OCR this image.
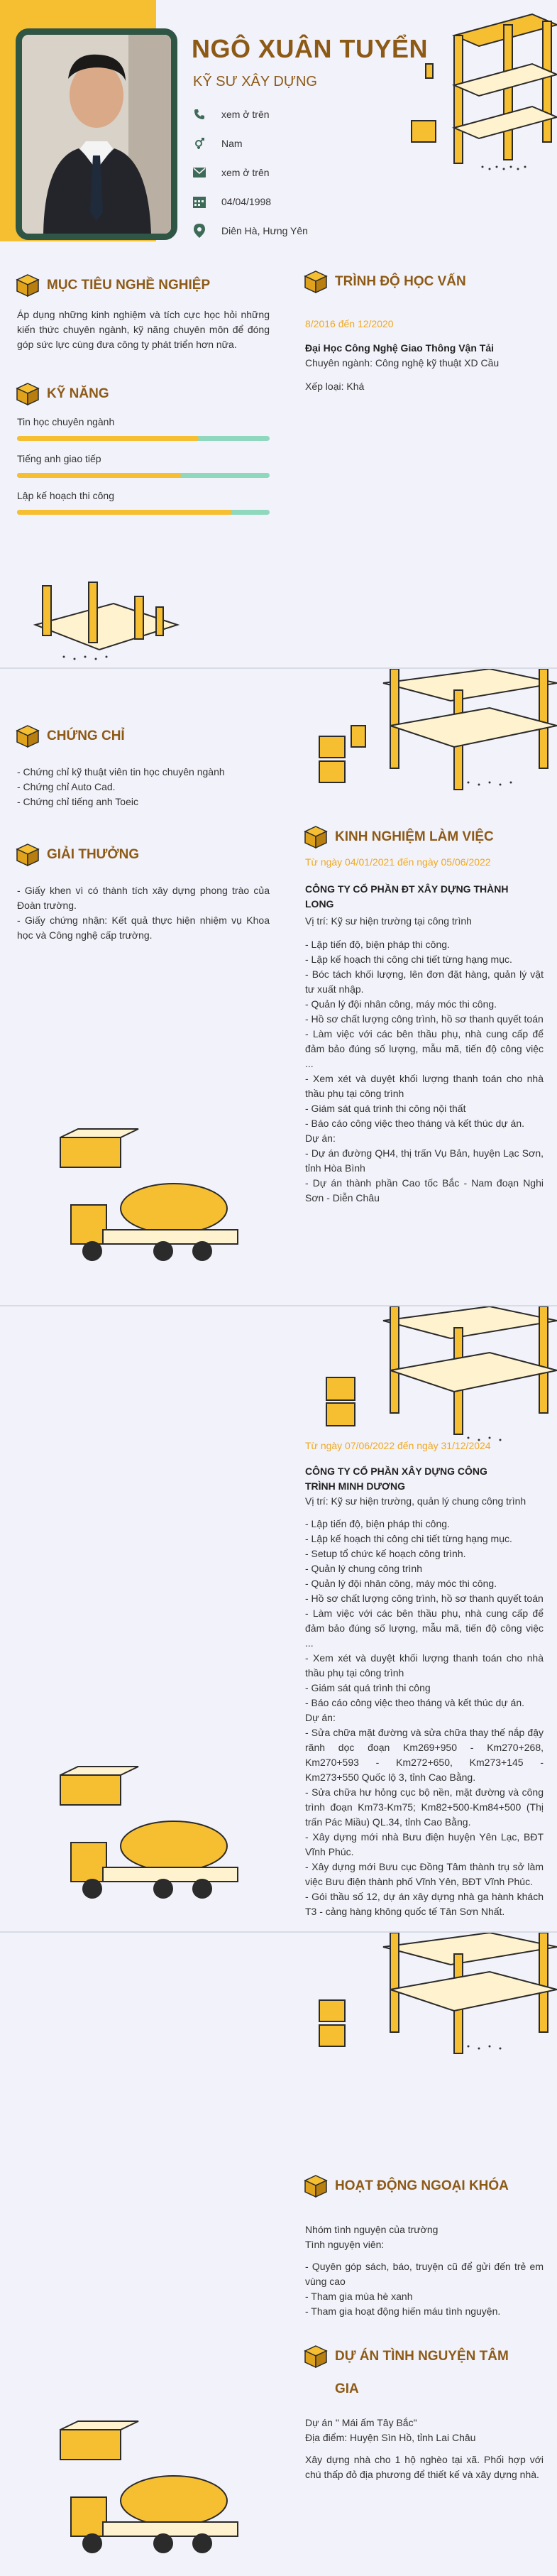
NGÔ XUÂN TUYỂN
KỸ SƯ XÂY DỰNG
xem ở trên
Nam
xem ở trên
04/04/1998
Diên Hà, Hưng Yên
MỤC TIÊU NGHỀ NGHIỆP
Áp dụng những kinh nghiệm và tích cực học hỏi những kiến thức chuyên ngành, kỹ năng chuyên môn để đóng góp sức lực cùng đưa công ty phát triển hơn nữa.
TRÌNH ĐỘ HỌC VẤN
8/2016 đến 12/2020
Đại Học Công Nghệ Giao Thông Vận Tải
Chuyên ngành: Công nghệ kỹ thuật XD Cầu
Xếp loại: Khá
KỸ NĂNG
Tin học chuyên ngành
Tiếng anh giao tiếp
Lập kế hoạch thi công
CHỨNG CHỈ
- Chứng chỉ kỹ thuật viên tin học chuyên ngành
- Chứng chỉ Auto Cad.
- Chứng chỉ tiếng anh Toeic
GIẢI THƯỞNG
- Giấy khen vì có thành tích xây dựng phong trào của Đoàn trường.
- Giấy chứng nhận: Kết quả thực hiện nhiệm vụ Khoa học và Công nghệ cấp trường.
KINH NGHIỆM LÀM VIỆC
Từ ngày 04/01/2021 đến ngày 05/06/2022
CÔNG TY CỔ PHẦN ĐT XÂY DỰNG THÀNH LONG
Vị trí: Kỹ sư hiện trường tại công trình
- Lập tiến độ, biện pháp thi công.
- Lập kế hoạch thi công chi tiết từng hạng mục.
- Bóc tách khối lượng, lên đơn đặt hàng, quản lý vật tư xuất nhập.
- Quản lý đội nhân công, máy móc thi công.
- Hồ sơ chất lượng công trình, hồ sơ thanh quyết toán
- Làm việc với các bên thầu phụ, nhà cung cấp để đảm bảo đúng số lượng, mẫu mã, tiến độ công việc ...
- Xem xét và duyệt khối lượng thanh toán cho nhà thầu phụ tại công trình
- Giám sát quá trình thi công nội thất
- Báo cáo công việc theo tháng và kết thúc dự án.
Dự án:
- Dự án đường QH4, thị trấn Vụ Bản, huyện Lạc Sơn, tỉnh Hòa Bình
- Dự án thành phần Cao tốc Bắc - Nam đoạn Nghi Sơn - Diễn Châu
Từ ngày 07/06/2022 đến ngày 31/12/2024
CÔNG TY CỔ PHẦN XÂY DỰNG CÔNG TRÌNH MINH DƯƠNG
Vị trí: Kỹ sư hiện trường, quản lý chung công trình
- Lập tiến độ, biện pháp thi công.
- Lập kế hoạch thi công chi tiết từng hạng mục.
- Setup tổ chức kế hoạch công trình.
- Quản lý chung công trình
- Quản lý đội nhân công, máy móc thi công.
- Hồ sơ chất lượng công trình, hồ sơ thanh quyết toán
- Làm việc với các bên thầu phụ, nhà cung cấp để đảm bảo đúng số lượng, mẫu mã, tiến độ công việc ...
- Xem xét và duyệt khối lượng thanh toán cho nhà thầu phụ tại công trình
- Giám sát quá trình thi công
- Báo cáo công việc theo tháng và kết thúc dự án.
Dự án:
- Sửa chữa mặt đường và sửa chữa thay thế nắp đậy rãnh dọc đoạn Km269+950 - Km270+268, Km270+593 - Km272+650, Km273+145 - Km273+550 Quốc lộ 3, tỉnh Cao Bằng.
- Sửa chữa hư hỏng cục bộ nền, mặt đường và công trình đoạn Km73-Km75; Km82+500-Km84+500 (Thị trấn Pác Miầu) QL.34, tỉnh Cao Bằng.
- Xây dựng mới nhà Bưu điện huyện Yên Lạc, BĐT Vĩnh Phúc.
- Xây dựng mới Bưu cục Đồng Tâm thành trụ sở làm việc Bưu điện thành phố Vĩnh Yên, BĐT Vĩnh Phúc.
- Gói thầu số 12, dự án xây dựng nhà ga hành khách T3 - cảng hàng không quốc tế Tân Sơn Nhất.
HOẠT ĐỘNG NGOẠI KHÓA
Nhóm tình nguyện của trường
Tình nguyện viên:
- Quyên góp sách, báo, truyện cũ để gửi đến trẻ em vùng cao
- Tham gia mùa hè xanh
- Tham gia hoạt động hiến máu tình nguyện.
DỰ ÁN TÌNH NGUYỆN TÂM GIA
Dự án " Mái ấm Tây Bắc"
Địa điểm: Huyện Sìn Hồ, tỉnh Lai Châu
Xây dựng nhà cho 1 hộ nghèo tại xã. Phối hợp với chú thấp đỏ địa phương để thiết kế và xây dựng nhà.
